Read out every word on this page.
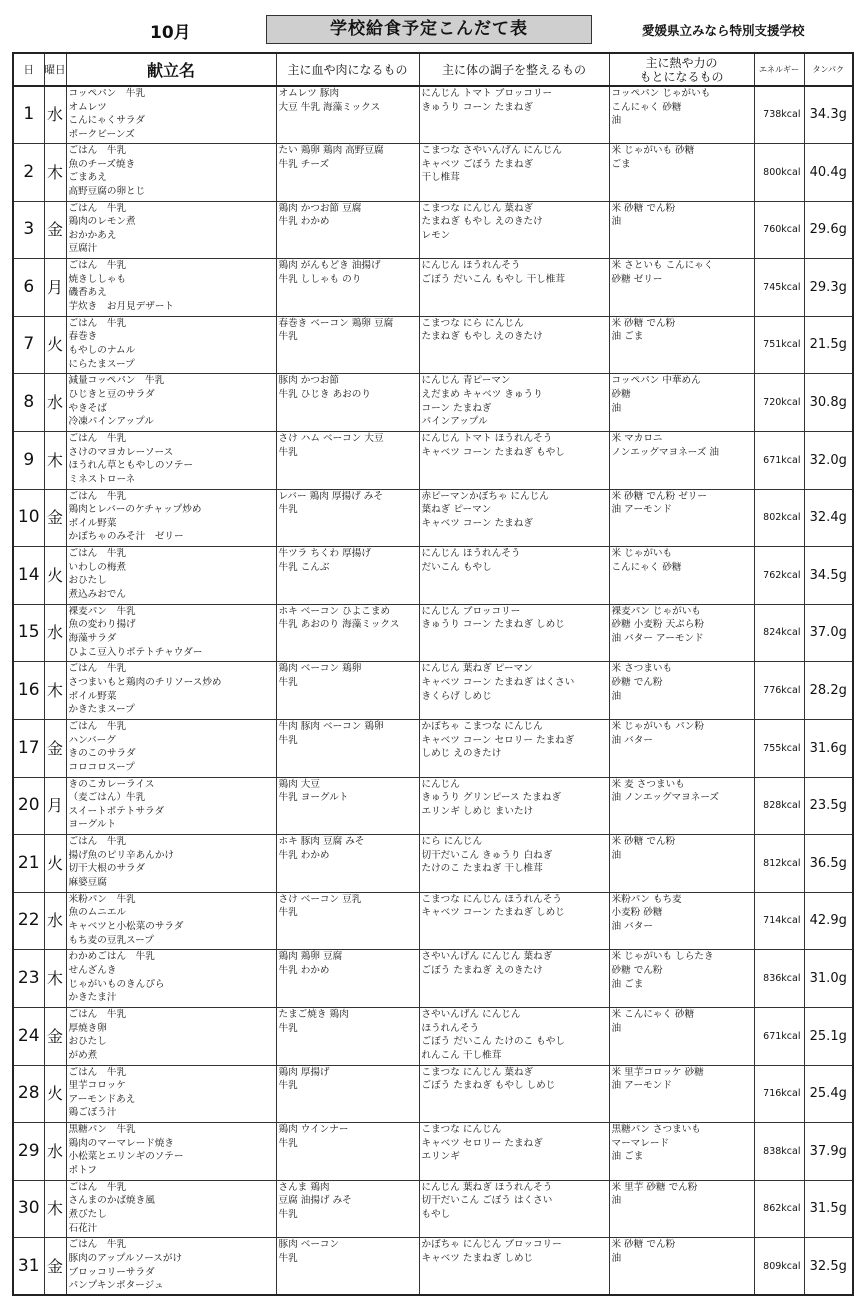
10月	学校給食予定こんだて表	愛媛県立みなら特別支援学校
日	曜日	献立名	主に血や肉になるもの	主に体の調子を整えるもの	主に熱や力の
もとになるもの	エネルギー	タンパク
1	水	コッペパン　牛乳
オムレツ
こんにゃくサラダ
ポークビーンズ	オムレツ 豚肉
大豆 牛乳 海藻ミックス	にんじん トマト ブロッコリー
きゅうり コーン たまねぎ	コッペパン じゃがいも
こんにゃく 砂糖
油	738kcal	34.3g
2	木	ごはん　牛乳
魚のチーズ焼き
ごまあえ
高野豆腐の卵とじ	たい 鶏卵 鶏肉 高野豆腐
牛乳 チーズ	こまつな さやいんげん にんじん
キャベツ ごぼう たまねぎ
干し椎茸	米 じゃがいも 砂糖
ごま	800kcal	40.4g
3	金	ごはん　牛乳
鶏肉のレモン煮
おかかあえ
豆腐汁	鶏肉 かつお節 豆腐
牛乳 わかめ	こまつな にんじん 葉ねぎ
たまねぎ もやし えのきたけ
レモン	米 砂糖 でん粉
油	760kcal	29.6g
6	月	ごはん　牛乳
焼きししゃも
磯香あえ
芋炊き　お月見デザート	鶏肉 がんもどき 油揚げ
牛乳 ししゃも のり	にんじん ほうれんそう
ごぼう だいこん もやし 干し椎茸	米 さといも こんにゃく
砂糖 ゼリー	745kcal	29.3g
7	火	ごはん　牛乳
春巻き
もやしのナムル
にらたまスープ	春巻き ベーコン 鶏卵 豆腐
牛乳	こまつな にら にんじん
たまねぎ もやし えのきたけ	米 砂糖 でん粉
油 ごま	751kcal	21.5g
8	水	減量コッペパン　牛乳
ひじきと豆のサラダ
やきそば
冷凍パインアップル	豚肉 かつお節
牛乳 ひじき あおのり	にんじん 青ピーマン
えだまめ キャベツ きゅうり
コーン たまねぎ
パインアップル	コッペパン 中華めん
砂糖
油	720kcal	30.8g
9	木	ごはん　牛乳
さけのマヨカレーソース
ほうれん草ともやしのソテー
ミネストローネ	さけ ハム ベーコン 大豆
牛乳	にんじん トマト ほうれんそう
キャベツ コーン たまねぎ もやし	米 マカロニ
ノンエッグマヨネーズ 油	671kcal	32.0g
10	金	ごはん　牛乳
鶏肉とレバーのケチャップ炒め
ボイル野菜
かぼちゃのみそ汁　ゼリー	レバー 鶏肉 厚揚げ みそ
牛乳	赤ピーマンかぼちゃ にんじん
葉ねぎ ピーマン
キャベツ コーン たまねぎ	米 砂糖 でん粉 ゼリー
油 アーモンド	802kcal	32.4g
14	火	ごはん　牛乳
いわしの梅煮
おひたし
煮込みおでん	牛ツラ ちくわ 厚揚げ
牛乳 こんぶ	にんじん ほうれんそう
だいこん もやし	米 じゃがいも
こんにゃく 砂糖	762kcal	34.5g
15	水	裸麦パン　牛乳
魚の変わり揚げ
海藻サラダ
ひよこ豆入りポテトチャウダー	ホキ ベーコン ひよこまめ
牛乳 あおのり 海藻ミックス	にんじん ブロッコリー
きゅうり コーン たまねぎ しめじ	裸麦パン じゃがいも
砂糖 小麦粉 天ぷら粉
油 バター アーモンド	824kcal	37.0g
16	木	ごはん　牛乳
さつまいもと鶏肉のチリソース炒め
ボイル野菜
かきたまスープ	鶏肉 ベーコン 鶏卵
牛乳	にんじん 葉ねぎ ピーマン
キャベツ コーン たまねぎ はくさい
きくらげ しめじ	米 さつまいも
砂糖 でん粉
油	776kcal	28.2g
17	金	ごはん　牛乳
ハンバーグ
きのこのサラダ
コロコロスープ	牛肉 豚肉 ベーコン 鶏卵
牛乳	かぼちゃ こまつな にんじん
キャベツ コーン セロリー たまねぎ
しめじ えのきたけ	米 じゃがいも パン粉
油 バター	755kcal	31.6g
20	月	きのこカレーライス
（麦ごはん）牛乳
スイートポテトサラダ
ヨーグルト	鶏肉 大豆
牛乳 ヨーグルト	にんじん
きゅうり グリンピース たまねぎ
エリンギ しめじ まいたけ	米 麦 さつまいも
油 ノンエッグマヨネーズ	828kcal	23.5g
21	火	ごはん　牛乳
揚げ魚のピリ辛あんかけ
切干大根のサラダ
麻婆豆腐	ホキ 豚肉 豆腐 みそ
牛乳 わかめ	にら にんじん
切干だいこん きゅうり 白ねぎ
たけのこ たまねぎ 干し椎茸	米 砂糖 でん粉
油	812kcal	36.5g
22	水	米粉パン　牛乳
魚のムニエル
キャベツと小松菜のサラダ
もち麦の豆乳スープ	さけ ベーコン 豆乳
牛乳	こまつな にんじん ほうれんそう
キャベツ コーン たまねぎ しめじ	米粉パン もち麦
小麦粉 砂糖
油 バター	714kcal	42.9g
23	木	わかめごはん　牛乳
せんざんき
じゃがいものきんぴら
かきたま汁	鶏肉 鶏卵 豆腐
牛乳 わかめ	さやいんげん にんじん 葉ねぎ
ごぼう たまねぎ えのきたけ	米 じゃがいも しらたき
砂糖 でん粉
油 ごま	836kcal	31.0g
24	金	ごはん　牛乳
厚焼き卵
おひたし
がめ煮	たまご焼き 鶏肉
牛乳	さやいんげん にんじん
ほうれんそう
ごぼう だいこん たけのこ もやし
れんこん 干し椎茸	米 こんにゃく 砂糖
油	671kcal	25.1g
28	火	ごはん　牛乳
里芋コロッケ
アーモンドあえ
鶏ごぼう汁	鶏肉 厚揚げ
牛乳	こまつな にんじん 葉ねぎ
ごぼう たまねぎ もやし しめじ	米 里芋コロッケ 砂糖
油 アーモンド	716kcal	25.4g
29	水	黒糖パン　牛乳
鶏肉のマーマレード焼き
小松菜とエリンギのソテー
ポトフ	鶏肉 ウインナー
牛乳	こまつな にんじん
キャベツ セロリー たまねぎ
エリンギ	黒糖パン さつまいも
マーマレード
油 ごま	838kcal	37.9g
30	木	ごはん　牛乳
さんまのかば焼き風
煮びたし
石花汁	さんま 鶏肉
豆腐 油揚げ みそ
牛乳	にんじん 葉ねぎ ほうれんそう
切干だいこん ごぼう はくさい
もやし	米 里芋 砂糖 でん粉
油	862kcal	31.5g
31	金	ごはん　牛乳
豚肉のアップルソースがけ
ブロッコリーサラダ
パンプキンポタージュ	豚肉 ベーコン
牛乳	かぼちゃ にんじん ブロッコリー
キャベツ たまねぎ しめじ	米 砂糖 でん粉
油	809kcal	32.5g
